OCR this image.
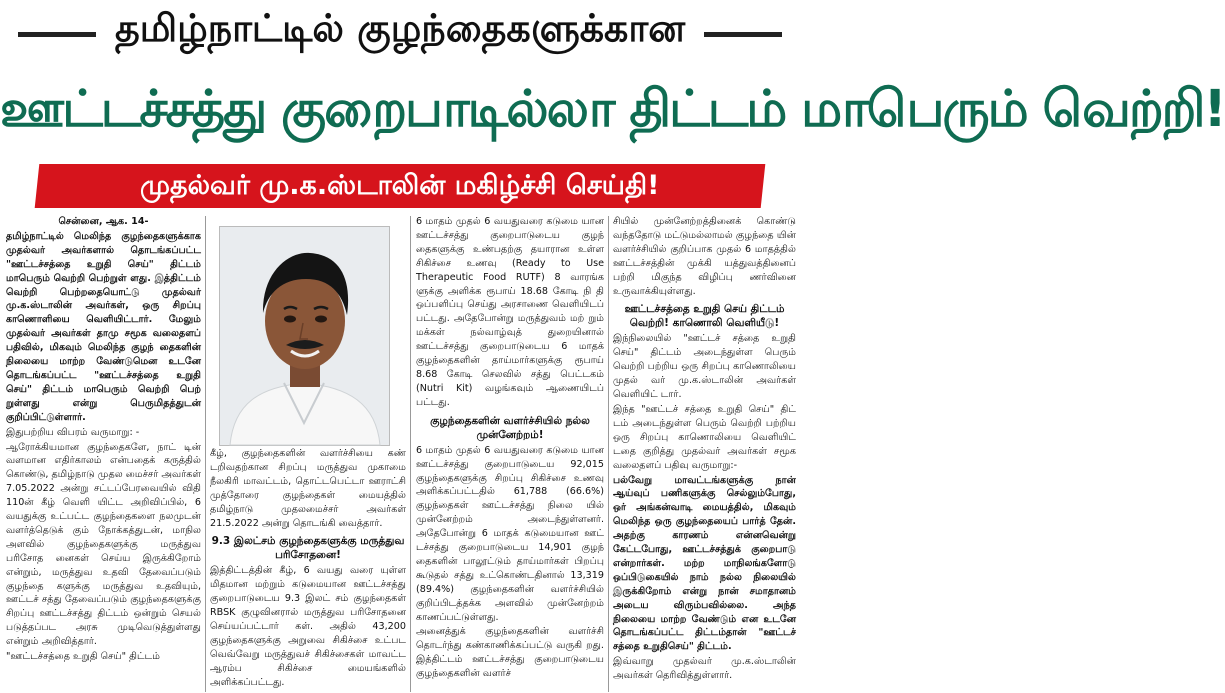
தமிழ்நாட்டில் குழந்தைகளுக்கான
ஊட்டச்சத்து குறைபாடில்லா திட்டம் மாபெரும் வெற்றி!
முதல்வர் மு.க.ஸ்டாலின் மகிழ்ச்சி செய்தி!

சென்னை, ஆக. 14-

தமிழ்நாட்டில் மெலிந்த குழந்தைகளுக்காக முதல்வர் அவர்களால் தொடங்கப்பட்ட "ஊட்டச்சத்தை உறுதி செய்" திட்டம் மாபெரும் வெற்றி பெற்றுள் ளது. இத்திட்டம் வெற்றி பெற்றதையொட்டு முதல்வர் மு.க.ஸ்டாலின் அவர்கள், ஒரு சிறப்பு காணொளியை வெளியிட்டார். மேலும் முதல்வர் அவர்கள் தாமு சமூக வலைதளப் பதிவில், மிகவும் மெலிந்த குழந் தைகளின் நிலையை மாற்ற வேண்டுமென உடனே தொடங்கப்பட்ட "ஊட்டச்சத்தை உறுதி செய்" திட்டம் மாபெரும் வெற்றி பெற் றுள்ளது என்று பெருமிதத்துடன் குறிப்பிட்டுள்ளார்.

இதுபற்றிய விபரம் வருமாறு: -

ஆரோக்கியமான குழந்தைகளே, நாட் டின் வளமான எதிர்காலம் என்பதைக் கருத்தில் கொண்டு, தமிழ்நாடு முதல மைச்சர் அவர்கள் 7.05.2022 அன்று சட்டப்பேரவையில் விதி 110ன் கீழ் வெளி யிட்ட அறிவிப்பில், 6 வயதுக்கு உட்பட்ட குழந்தைகளை நலமுடன் வளர்த்தெடுக் கும் நோக்கத்துடன், மாநில அளவில் குழந்தைகளுக்கு மருத்துவ பரிசோத னைகள் செய்ய இருக்கிறோம் என்றும், மருத்துவ உதவி தேவைப்படும் குழந்தை களுக்கு மருத்துவ உதவியும், ஊட்டச் சத்து தேவைப்படும் குழந்தைகளுக்கு சிறப்பு ஊட்டச்சத்து திட்டம் ஒன்றும் செயல் படுத்தப்பட அரசு முடிவெடுத்துள்ளது என்றும் அறிவித்தார்.

"ஊட்டச்சத்தை உறுதி செய்" திட்டம்

கீழ், குழந்தைகளின் வளர்ச்சியை கண் டறிவதற்கான சிறப்பு மருத்துவ முகாமை நீலகிரி மாவட்டம், தொட்டபெட்டா ஊராட்சி முத்தோரை குழந்தைகள் மையத்தில் தமிழ்நாடு முதலமைச்சர் அவர்கள் 21.5.2022 அன்று தொடங்கி வைத்தார்.

9.3 இலட்சம் குழந்தைகளுக்கு மருத்துவ பரிசோதனை!

இத்திட்டத்தின் கீழ், 6 வயது வரை யுள்ள மிதமான மற்றும் கடுமையான ஊட்டச்சத்து குறைபாடுடைய 9.3 இலட் சம் குழந்தைகள் RBSK குழுவினரால் மருத்துவ பரிசோதனை செய்யப்பட்டார் கள். அதில் 43,200 குழந்தைகளுக்கு அறுவை சிகிச்சை உட்பட வெவ்வேறு மருத்துவச் சிகிச்சைகள் மாவட்ட ஆரம்ப சிகிச்சை மையங்களில் அளிக்கப்பட்டது.

6 மாதம் முதல் 6 வயதுவரை கடுமை யான ஊட்டச்சத்து குறைபாடுடைய குழந் தைகளுக்கு உண்பதற்கு தயாரான உள்ள சிகிச்சை உணவு (Ready to Use Therapeutic Food RUTF) 8 வாரங்க ளுக்கு அளிக்க ரூபாய் 18.68 கோடி நி தி ஒப்பளிப்பு செய்து அரசாணை வெளியிடப் பட்டது. அதேபோன்று மருத்துவம் மற் றும் மக்கள் நல்வாழ்வுத் துறையினால் ஊட்டச்சத்து குறைபாடுடைய 6 மாதக் குழந்தைகளின் தாய்மார்களுக்கு ரூபாய் 8.68 கோடி செலவில் சத்து பெட்டகம் (Nutri Kit) வழங்கவும் ஆணையிடப் பட்டது.

குழந்தைகளின் வளர்ச்சியில் நல்ல முன்னேற்றம்!

6 மாதம் முதல் 6 வயதுவரை கடுமை யான ஊட்டச்சத்து குறைபாடுடைய 92,015 குழந்தைகளுக்கு சிறப்பு சிகிச்சை உணவு அளிக்கப்பட்டதில் 61,788 (66.6%) குழந்தைகள் ஊட்டச்சத்து நிலை யில் முன்னேற்றம் அடைந்துள்ளனர். அதேபோன்று 6 மாதக் கடுமையான ஊட் டச்சத்து குறைபாடுடைய 14,901 குழந் தைகளின் பாலூட்டும் தாய்மார்கள் பிறப்பு கூடுதல் சத்து உட்கொண்டதினால் 13,319 (89.4%) குழந்தைகளின் வளர்ச்சியில் குறிப்பிடத்தக்க அளவில் முன்னேற்றம் காணப்பட்டுள்ளது.

அனைத்துக் குழந்தைகளின் வளர்ச்சி தொடர்ந்து கண்காணிக்கப்பட்டு வருகி றது. இத்திட்டம் ஊட்டச்சத்து குறைபாடுடைய குழந்தைகளின் வளர்ச்

சியில் முன்னேற்றத்தினைக் கொண்டு வந்ததோடு மட்டுமல்லாமல் குழந்தை யின் வளர்ச்சியில் குறிப்பாக முதல் 6 மாதத்தில் ஊட்டச்சத்தின் முக்கி யத்துவத்தினைப் பற்றி மிகுந்த விழிப்பு ணர்வினை உருவாக்கியுள்ளது.

ஊட்டச்சத்தை உறுதி செய் திட்டம் வெற்றி! காணொலி வெளியீடு!

இந்நிலையில் "ஊட்டச் சத்தை உறுதி செய்" திட்டம் அடைந்துள்ள பெரும் வெற்றி பற்றிய ஒரு சிறப்பு காணொலியை முதல் வர் மு.க.ஸ்டாலின் அவர்கள் வெளியிட் டார்.

இந்த "ஊட்டச் சத்தை உறுதி செய்" திட் டம் அடைந்துள்ள பெரும் வெற்றி பற்றிய ஒரு சிறப்பு காணொலியை வெளியிட் டதை குறித்து முதல்வர் அவர்கள் சமூக வலைதளப் பதிவு வருமாறு:-

பல்வேறு மாவட்டங்களுக்கு நான் ஆய்வுப் பணிகளுக்கு செல்லும்போது, ஒர் அங்கன்வாடி மையத்தில், மிகவும் மெலிந்த ஒரு குழந்தையைப் பார்த் தேன். அதற்கு காரணம் என்னவென்று கேட்டபோது, ஊட்டச்சத்துக் குறைபாடு என்றார்கள். மற்ற மாநிலங்களோடு ஒப்பிடுகையில் நாம் நல்ல நிலையில் இருக்கிறோம் என்று நான் சமாதானம் அடைய விரும்பவில்லை. அந்த நிலையை மாற்ற வேண்டும் என உடனே தொடங்கப்பட்ட திட்டம்தான் "ஊட்டச் சத்தை உறுதிசெய்" திட்டம்.

இவ்வாறு முதல்வர் மு.க.ஸ்டாலின் அவர்கள் தெரிவித்துள்ளார்.
